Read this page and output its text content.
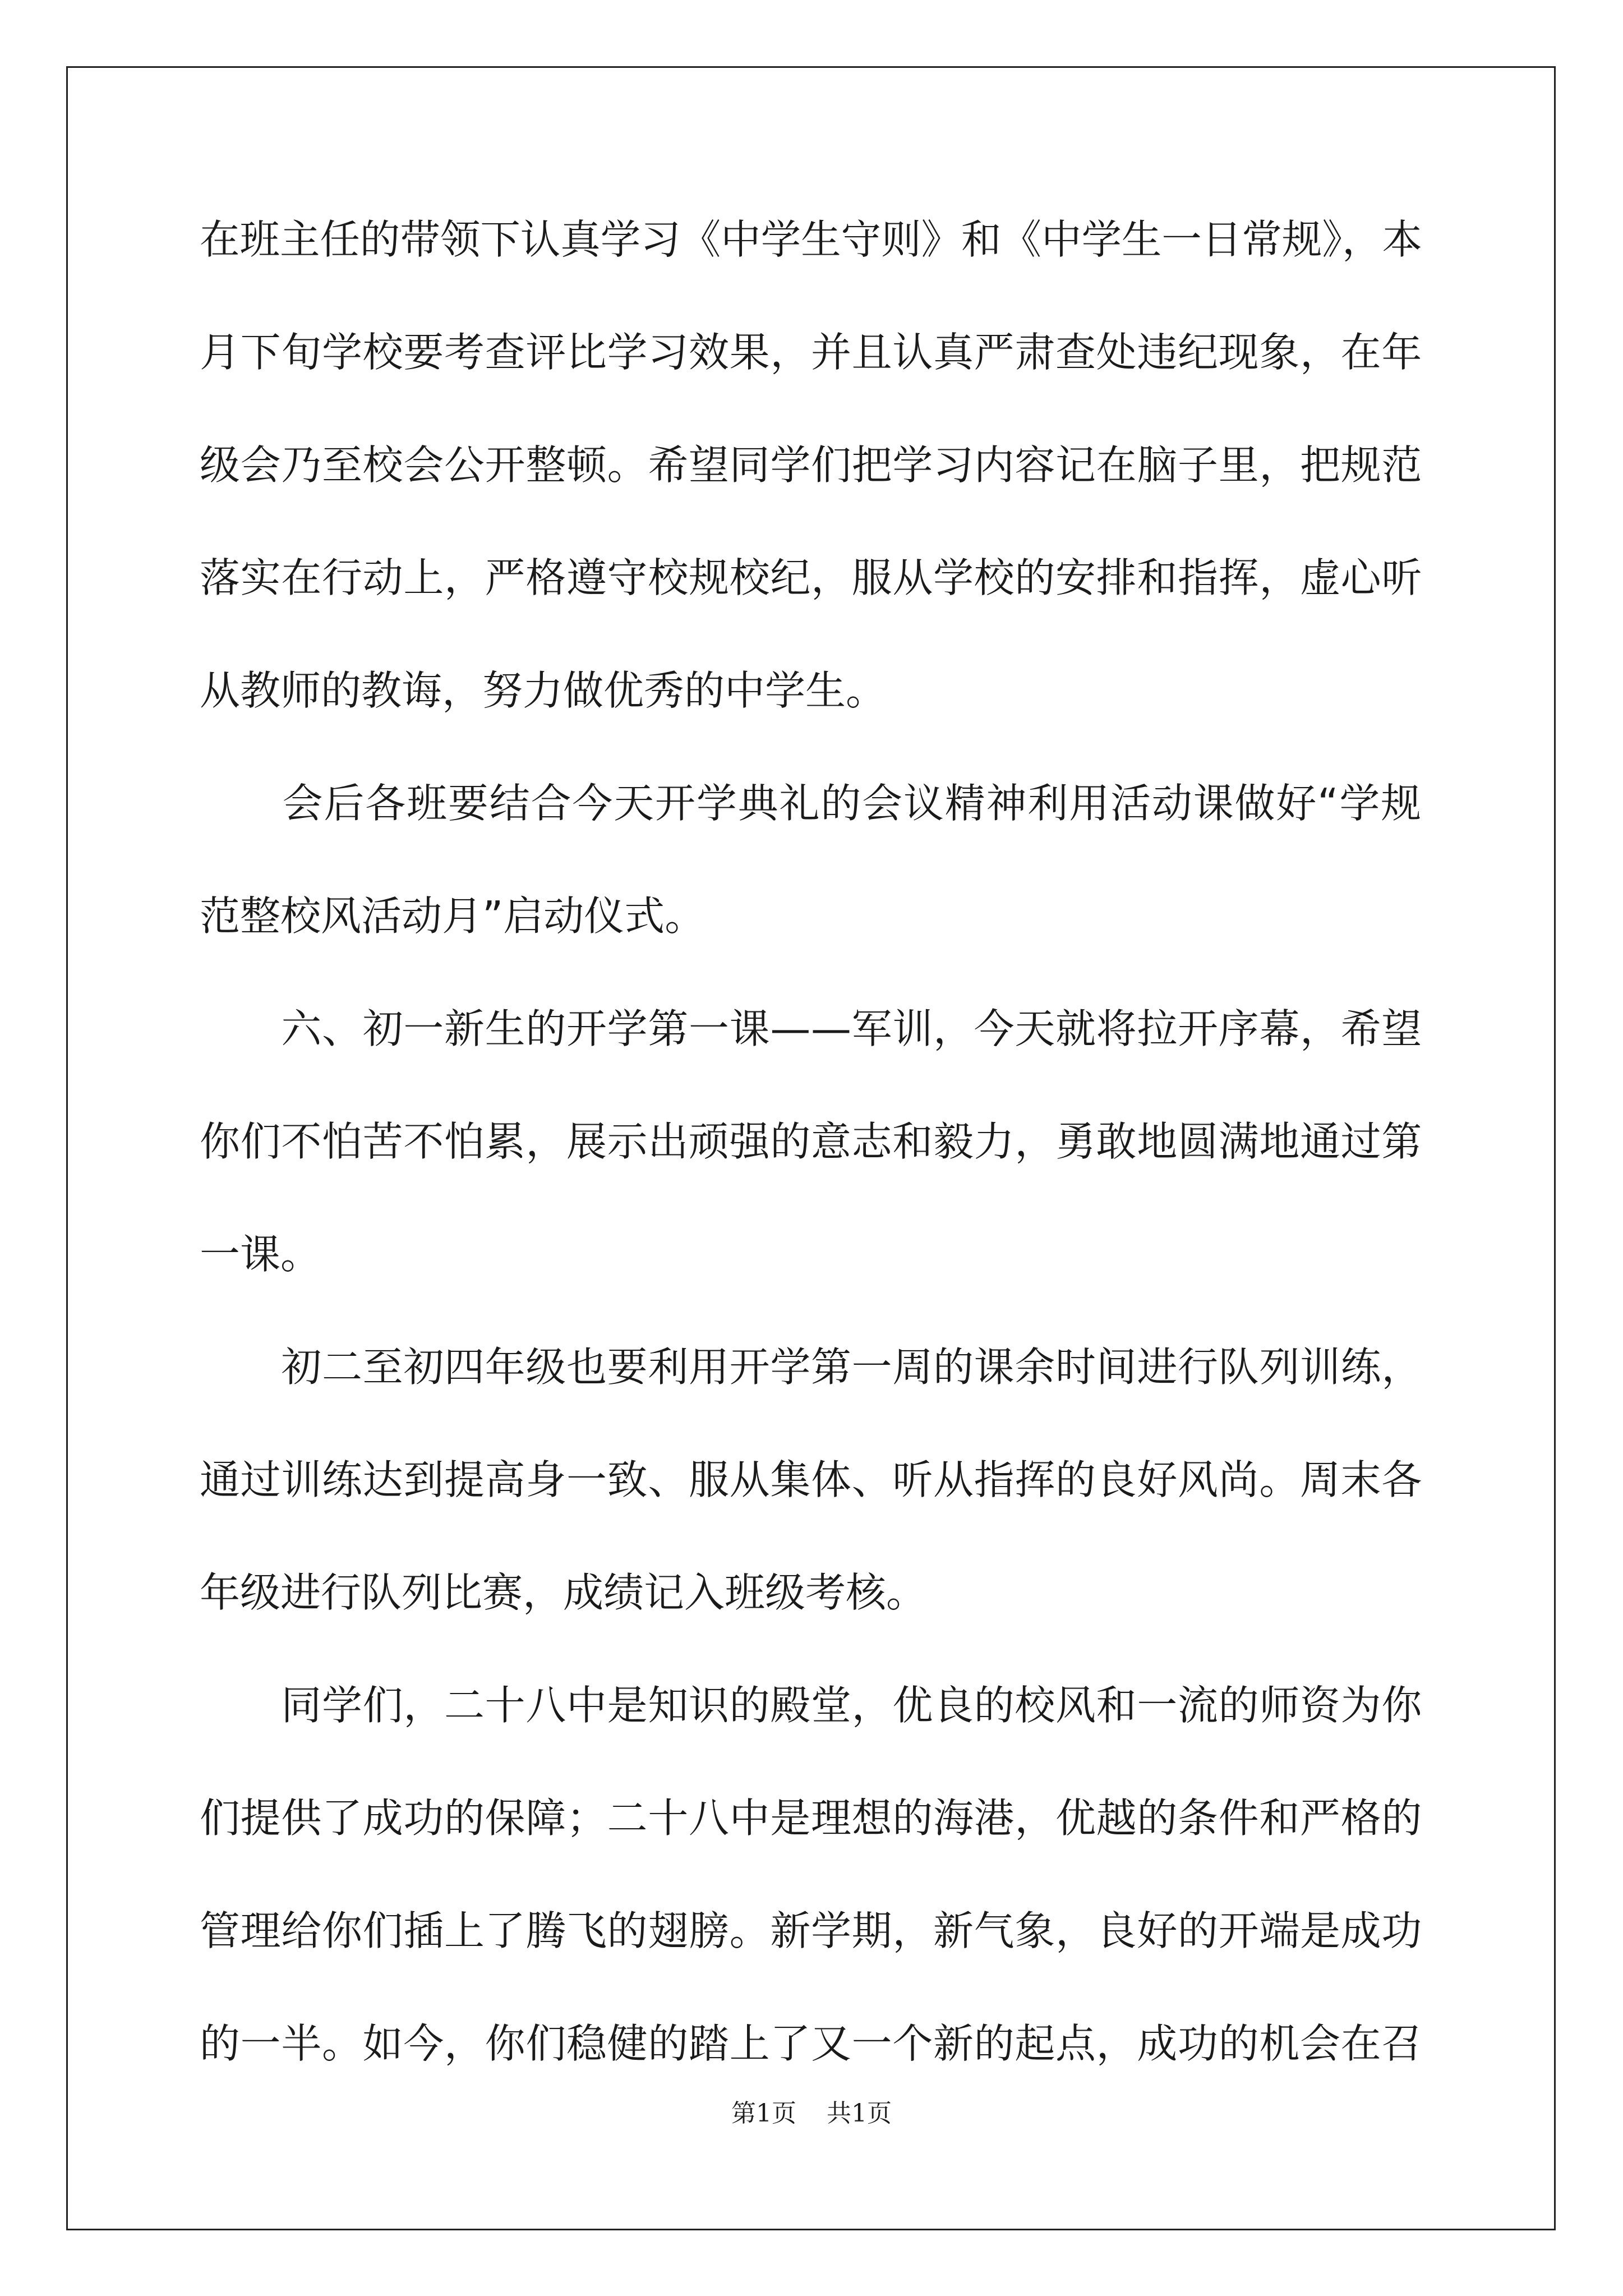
在班主任的带领下认真学习《中学生守则》和《中学生一日常规》，本
月下旬学校要考查评比学习效果，并且认真严肃查处违纪现象，在年
级会乃至校会公开整顿。希望同学们把学习内容记在脑子里，把规范
落实在行动上，严格遵守校规校纪，服从学校的安排和指挥，虚心听
从教师的教诲，努力做优秀的中学生。
　　会后各班要结合今天开学典礼的会议精神利用活动课做好“学规
范整校风活动月”启动仪式。
　　六、初一新生的开学第一课——军训，今天就将拉开序幕，希望
你们不怕苦不怕累，展示出顽强的意志和毅力，勇敢地圆满地通过第
一课。
　　初二至初四年级也要利用开学第一周的课余时间进行队列训练，
通过训练达到提高身一致、服从集体、听从指挥的良好风尚。周末各
年级进行队列比赛，成绩记入班级考核。
　　同学们，二十八中是知识的殿堂，优良的校风和一流的师资为你
们提供了成功的保障；二十八中是理想的海港，优越的条件和严格的
管理给你们插上了腾飞的翅膀。新学期，新气象，良好的开端是成功
的一半。如今，你们稳健的踏上了又一个新的起点，成功的机会在召
第1页 共1页
